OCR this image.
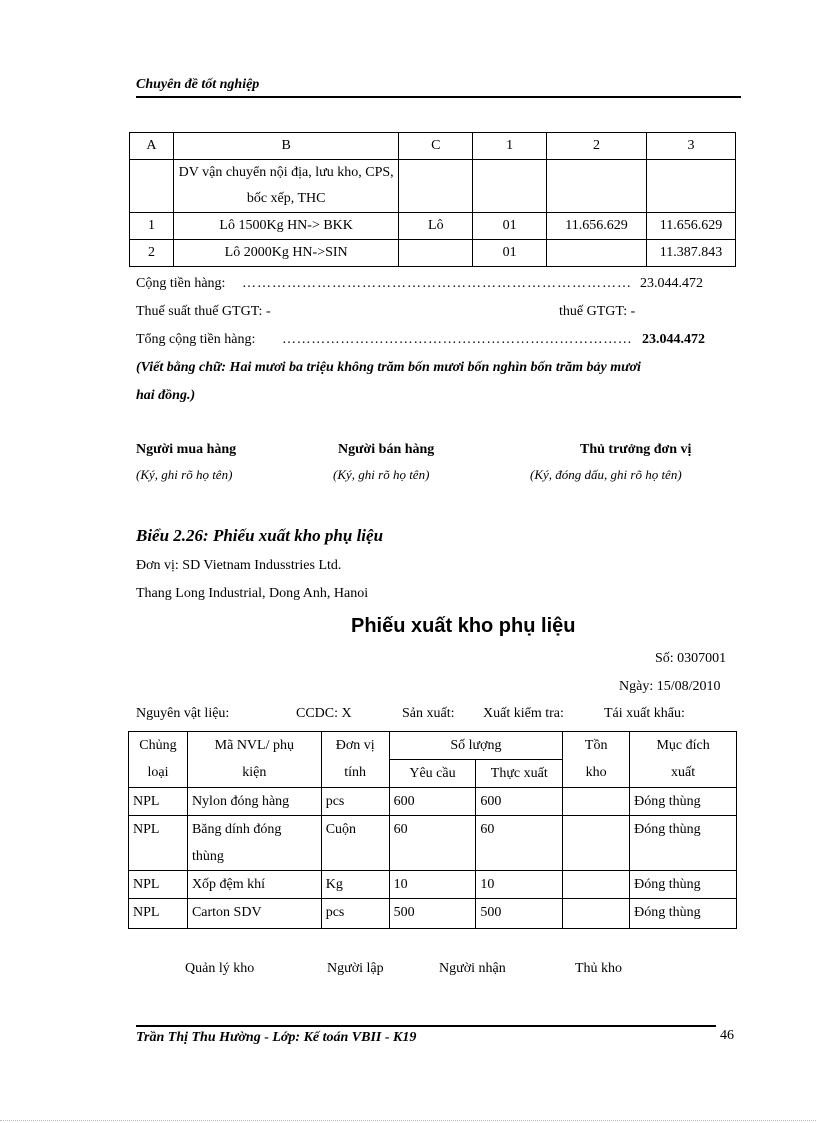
Chuyên đề tốt nghiệp
A	B	C	1	2	3
	DV vận chuyển nội địa, lưu kho, CPS, bốc xếp, THC				
1	Lô 1500Kg HN-> BKK	Lô	01	11.656.629	11.656.629
2	Lô 2000Kg HN->SIN		01		11.387.843
Cộng tiền hàng: …………………………………………………………………… 23.044.472
Thuế suất thuế GTGT: -	thuế GTGT: -
Tổng cộng tiền hàng: ……………………………………………………………… 23.044.472
(Viết bằng chữ: Hai mươi ba triệu không trăm bốn mươi bốn nghìn bốn trăm bảy mươi
hai đồng.)
Người mua hàng
(Ký, ghi rõ họ tên)
Người bán hàng
(Ký, ghi rõ họ tên)
Thủ trưởng đơn vị
(Ký, đóng dấu, ghi rõ họ tên)
Biểu 2.26: Phiếu xuất kho phụ liệu
Đơn vị: SD Vietnam Indusstries Ltd.
Thang Long Industrial, Dong Anh, Hanoi
Phiếu xuất kho phụ liệu
Số: 0307001
Ngày: 15/08/2010
Nguyên vật liệu:	CCDC: X	Sản xuất: Xuất kiểm tra:	Tái xuất khẩu:
Chủng loại	Mã NVL/ phụ kiện	Đơn vị tính	Số lượng		Tồn kho	Mục đích xuất
			Yêu cầu	Thực xuất		
NPL	Nylon đóng hàng	pcs	600	600		Đóng thùng
NPL	Băng dính đóng thùng	Cuộn	60	60		Đóng thùng
NPL	Xốp đệm khí	Kg	10	10		Đóng thùng
NPL	Carton SDV	pcs	500	500		Đóng thùng
Quản lý kho	Người lập	Người nhận	Thủ kho
Trần Thị Thu Hường - Lớp: Kế toán VBII - K19	46
